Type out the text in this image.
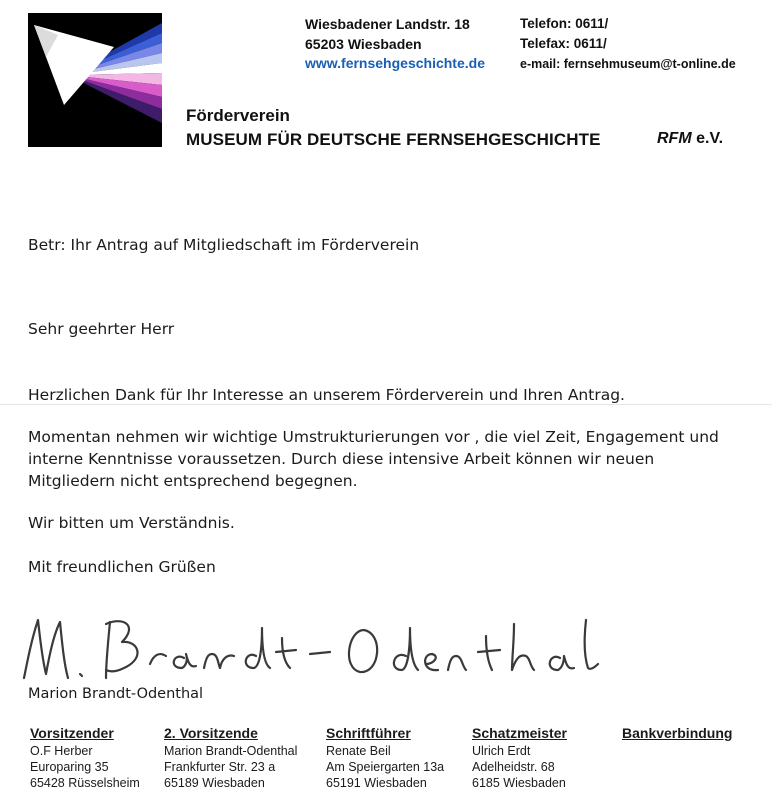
Wiesbadener Landstr. 18
65203 Wiesbaden
www.fernsehgeschichte.de
Telefon: 0611/
Telefax: 0611/
e-mail: fernsehmuseum@t-online.de
Förderverein
MUSEUM FÜR DEUTSCHE FERNSEHGESCHICHTE	RFM e.V.
Betr: Ihr Antrag auf Mitgliedschaft im Förderverein
Sehr geehrter Herr
Herzlichen Dank für Ihr Interesse an unserem Förderverein und Ihren Antrag.
Momentan nehmen wir wichtige Umstrukturierungen vor , die viel Zeit, Engagement und
interne Kenntnisse voraussetzen. Durch diese intensive Arbeit können wir neuen
Mitgliedern nicht entsprechend begegnen.
Wir bitten um Verständnis.
Mit freundlichen Grüßen
Marion Brandt-Odenthal
Vorsitzender
O.F Herber
Europaring 35
65428 Rüsselsheim
2. Vorsitzende
Marion Brandt-Odenthal
Frankfurter Str. 23 a
65189 Wiesbaden
Schriftführer
Renate Beil
Am Speiergarten 13a
65191 Wiesbaden
Schatzmeister
Ulrich Erdt
Adelheidstr. 68
6185 Wiesbaden
Bankverbindung
